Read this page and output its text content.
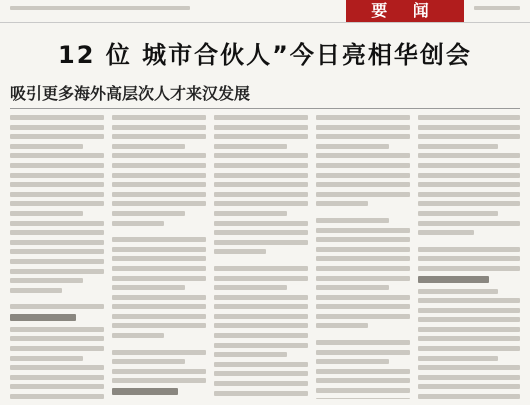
要 闻
12 位 城市合伙人”今日亮相华创会
吸引更多海外高层次人才来汉发展
